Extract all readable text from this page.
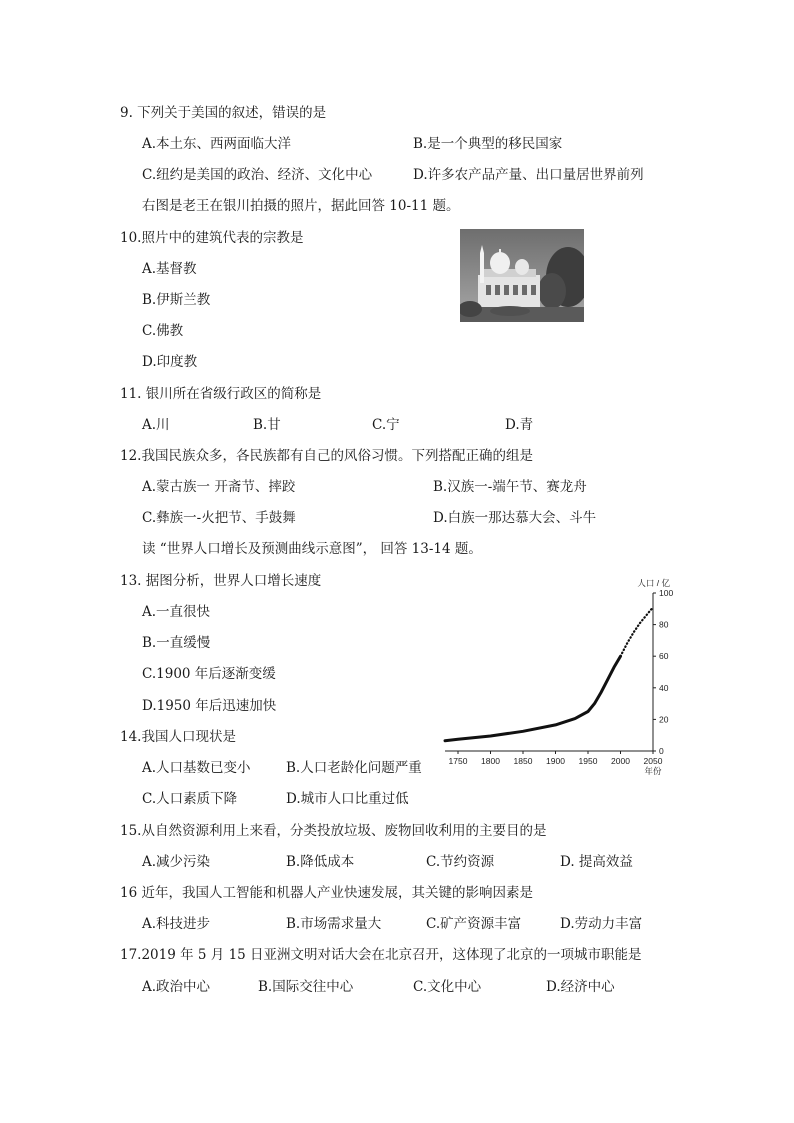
9. 下列关于美国的叙述，错误的是
A.本土东、西两面临大洋	B.是一个典型的移民国家
C.纽约是美国的政治、经济、文化中心	D.许多农产品产量、出口量居世界前列
右图是老王在银川拍摄的照片，据此回答 10-11 题。
10.照片中的建筑代表的宗教是
A.基督教
B.伊斯兰教
C.佛教
D.印度教
11. 银川所在省级行政区的简称是
A.川	B.甘	C.宁	D.青
12.我国民族众多，各民族都有自己的风俗习惯。下列搭配正确的组是
A.蒙古族一 开斋节、摔跤	B.汉族一-端午节、赛龙舟
C.彝族一-火把节、手鼓舞	D.白族一那达慕大会、斗牛
读 “世界人口增长及预测曲线示意图”， 回答 13-14 题。
13. 据图分析，世界人口增长速度
A.一直很快
B.一直缓慢
C.1900 年后逐渐变缓
D.1950 年后迅速加快
人口 / 亿
年份
0
20
40
60
80
100
1750 1800 1850 1900 1950 2000 2050
14.我国人口现状是
A.人口基数已变小	B.人口老龄化问题严重
C.人口素质下降	D.城市人口比重过低
15.从自然资源利用上来看，分类投放垃圾、废物回收利用的主要目的是
A.减少污染	B.降低成本	C.节约资源	D. 提高效益
16 近年，我国人工智能和机器人产业快速发展，其关键的影响因素是
A.科技进步	B.市场需求量大	C.矿产资源丰富	D.劳动力丰富
17.2019 年 5 月 15 日亚洲文明对话大会在北京召开，这体现了北京的一项城市职能是
A.政治中心	B.国际交往中心	C.文化中心	D.经济中心
